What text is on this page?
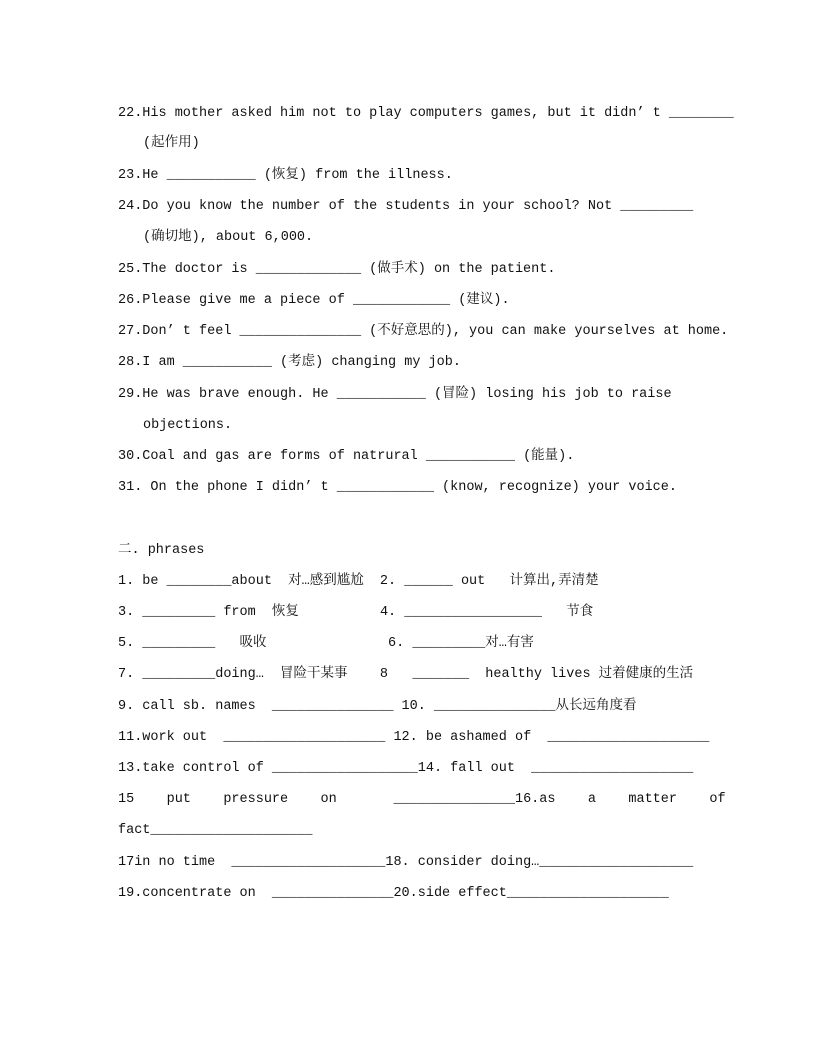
22.His mother asked him not to play computers games, but it didn’ t ________
(起作用)
23.He ___________ (恢复) from the illness.
24.Do you know the number of the students in your school? Not _________
(确切地), about 6,000.
25.The doctor is _____________ (做手术) on the patient.
26.Please give me a piece of ____________ (建议).
27.Don’ t feel _______________ (不好意思的), you can make yourselves at home.
28.I am ___________ (考虑) changing my job.
29.He was brave enough. He ___________ (冒险) losing his job to raise
objections.
30.Coal and gas are forms of natrural ___________ (能量).
31. On the phone I didn’ t ____________ (know, recognize) your voice.
二. phrases
1. be ________about  对…感到尴尬  2. ______ out   计算出,弄清楚
3. _________ from  恢复          4. _________________   节食
5. _________   吸收               6. _________对…有害
7. _________doing…  冒险干某事    8   _______  healthy lives 过着健康的生活
9. call sb. names  _______________ 10. _______________从长远角度看
11.work out  ____________________ 12. be ashamed of  ____________________
13.take control of __________________14. fall out  ____________________
15    put    pressure    on       _______________16.as    a    matter    of
fact____________________
17in no time  ___________________18. consider doing…___________________
19.concentrate on  _______________20.side effect____________________
